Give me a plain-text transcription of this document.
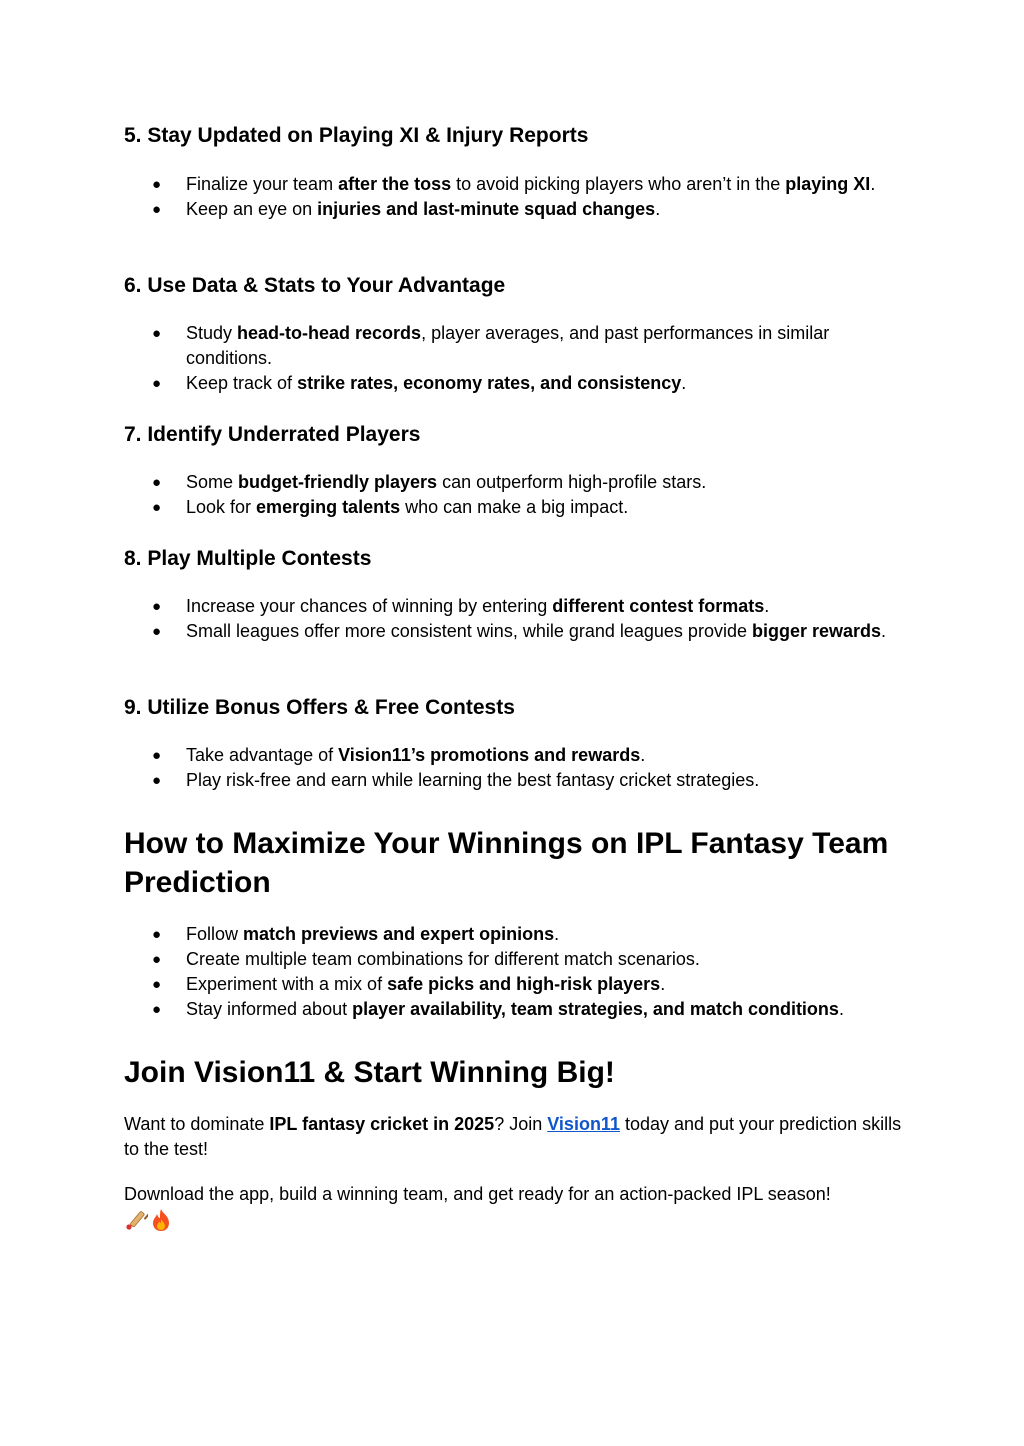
5. Stay Updated on Playing XI & Injury Reports
● Finalize your team after the toss to avoid picking players who aren’t in the playing XI.
● Keep an eye on injuries and last-minute squad changes.
6. Use Data & Stats to Your Advantage
● Study head-to-head records, player averages, and past performances in similar conditions.
● Keep track of strike rates, economy rates, and consistency.
7. Identify Underrated Players
● Some budget-friendly players can outperform high-profile stars.
● Look for emerging talents who can make a big impact.
8. Play Multiple Contests
● Increase your chances of winning by entering different contest formats.
● Small leagues offer more consistent wins, while grand leagues provide bigger rewards.
9. Utilize Bonus Offers & Free Contests
● Take advantage of Vision11’s promotions and rewards.
● Play risk-free and earn while learning the best fantasy cricket strategies.
How to Maximize Your Winnings on IPL Fantasy Team Prediction
● Follow match previews and expert opinions.
● Create multiple team combinations for different match scenarios.
● Experiment with a mix of safe picks and high-risk players.
● Stay informed about player availability, team strategies, and match conditions.
Join Vision11 & Start Winning Big!

Want to dominate IPL fantasy cricket in 2025? Join Vision11 today and put your prediction skills to the test!

Download the app, build a winning team, and get ready for an action-packed IPL season!
